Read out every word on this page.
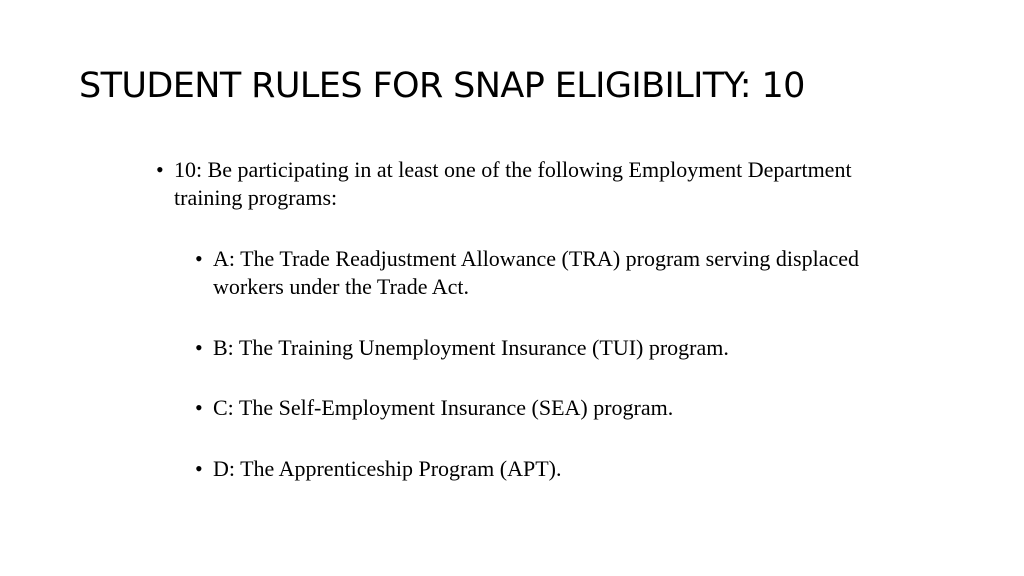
STUDENT RULES FOR SNAP ELIGIBILITY: 10
• 10: Be participating in at least one of the following Employment Department training programs:
• A: The Trade Readjustment Allowance (TRA) program serving displaced workers under the Trade Act.
• B: The Training Unemployment Insurance (TUI) program.
• C: The Self-Employment Insurance (SEA) program.
• D: The Apprenticeship Program (APT).
